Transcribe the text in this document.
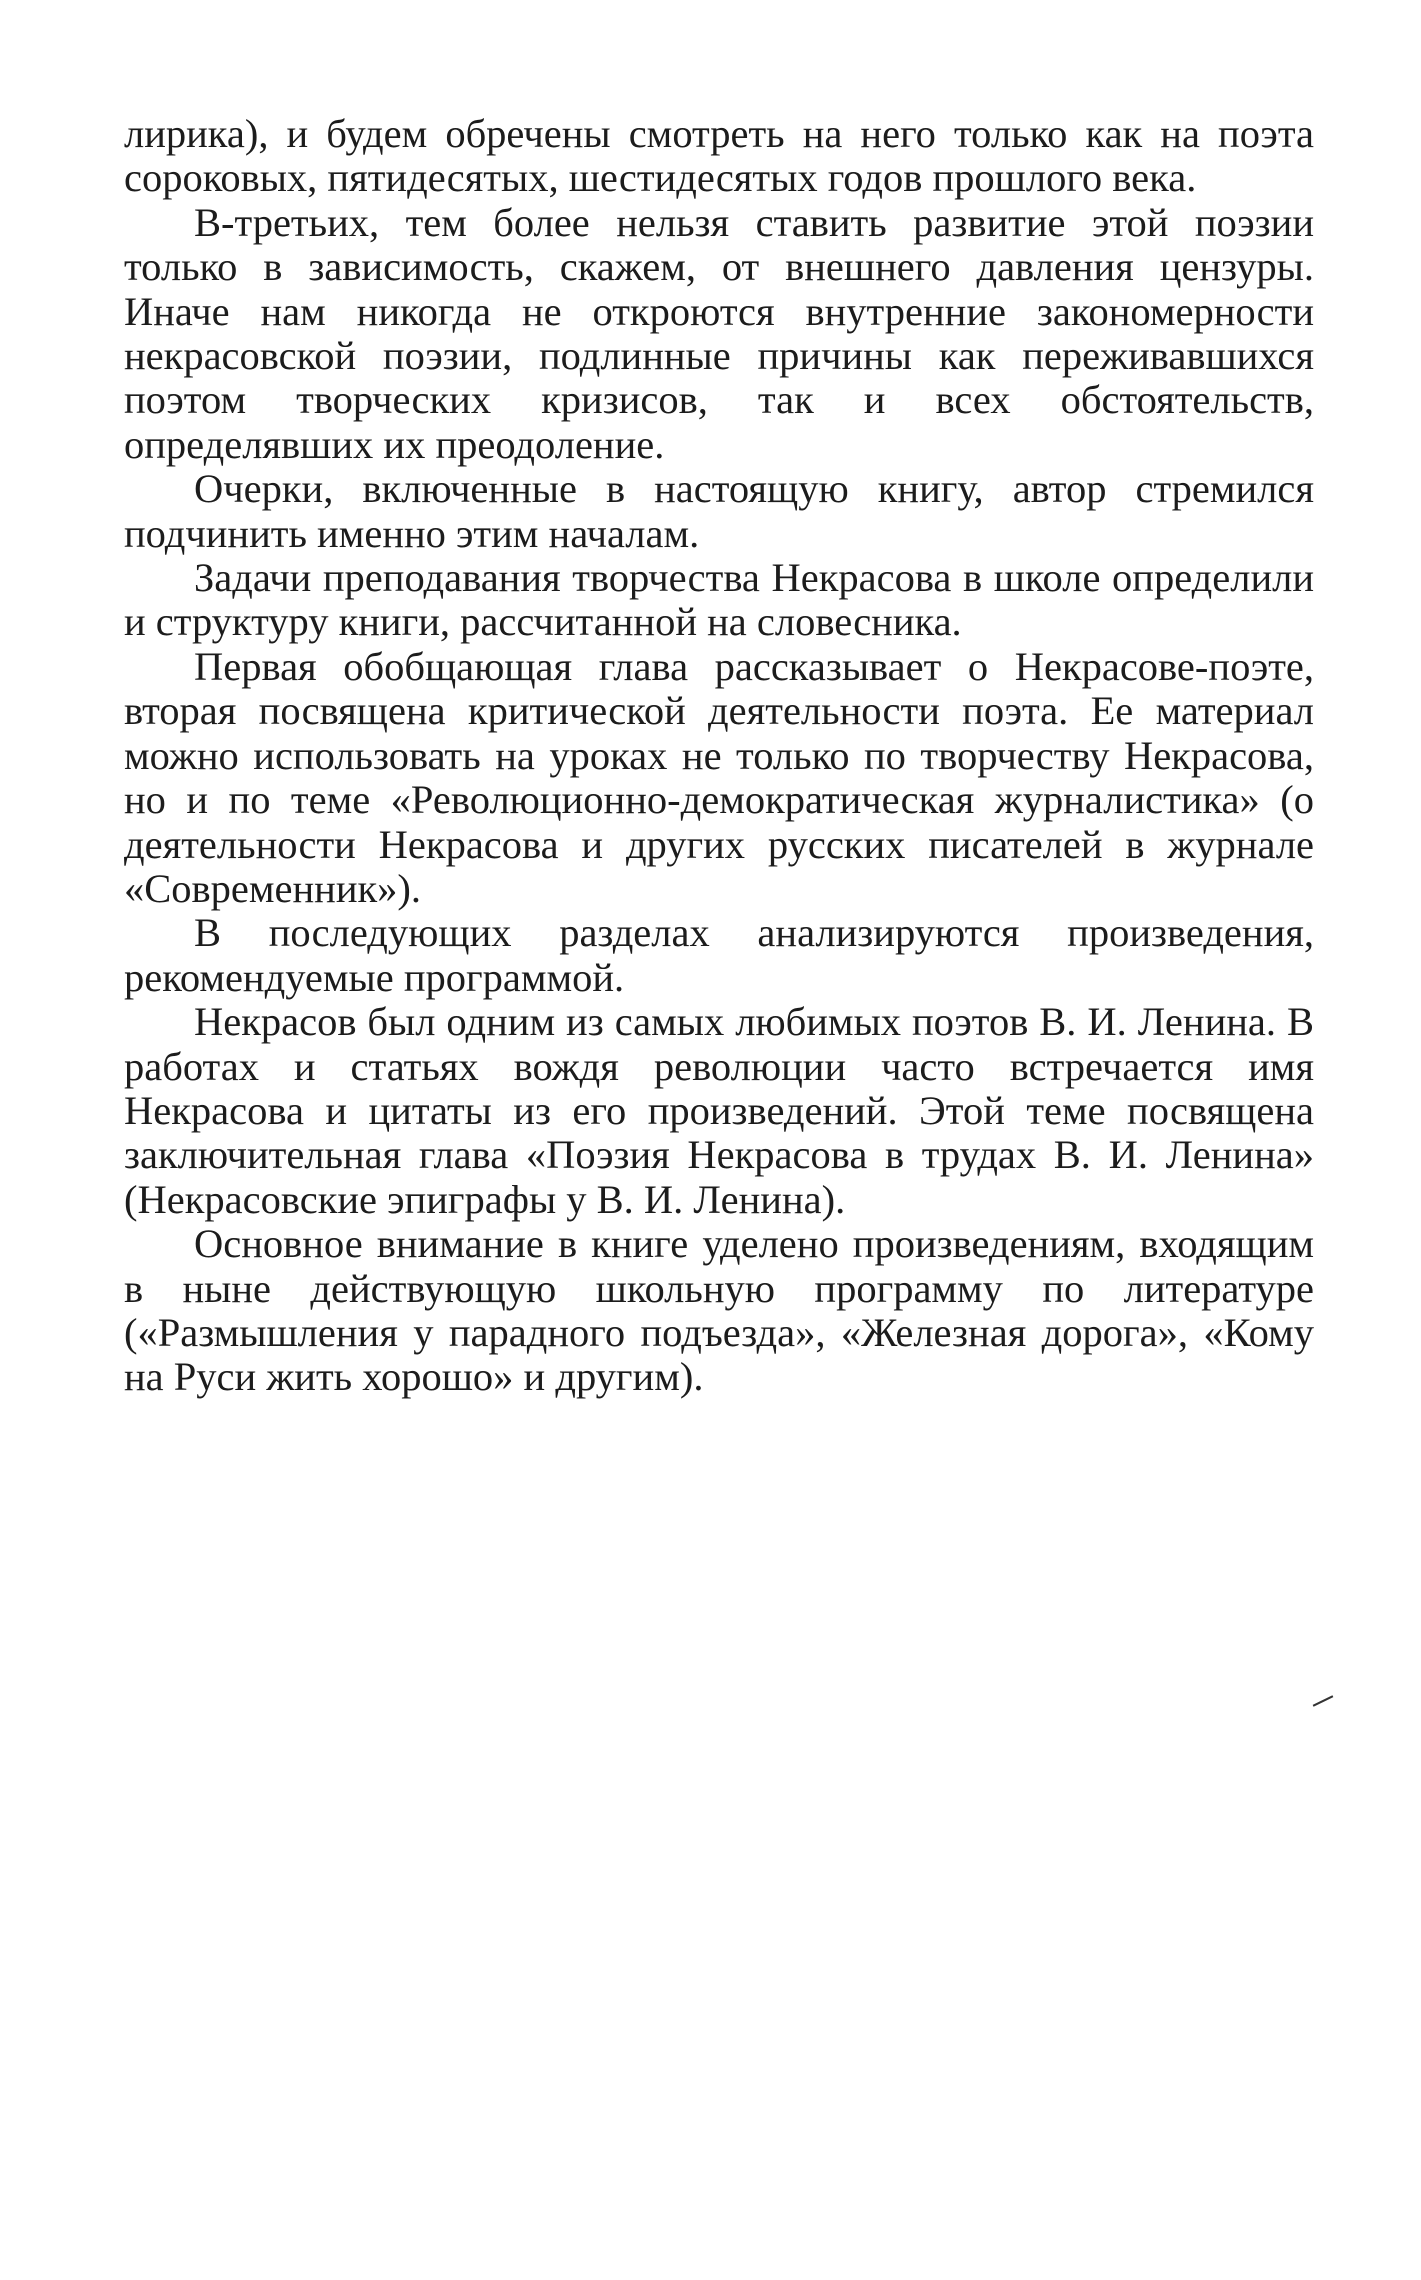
лирика), и будем обречены смотреть на него только как на поэта сороковых, пятидесятых, шестидесятых годов прошлого века.

В-третьих, тем более нельзя ставить развитие этой поэзии только в зависимость, скажем, от внешнего давления цензуры. Иначе нам никогда не откроются внутренние закономерности некрасовской поэзии, подлинные причины как переживавшихся поэтом творческих кризисов, так и всех обстоятельств, определявших их преодоление.

Очерки, включенные в настоящую книгу, автор стремился подчинить именно этим началам.

Задачи преподавания творчества Некрасова в школе определили и структуру книги, рассчитанной на словесника.

Первая обобщающая глава рассказывает о Некрасове-поэте, вторая посвящена критической деятельности поэта. Ее материал можно использовать на уроках не только по творчеству Некрасова, но и по теме «Революционно-демократическая журналистика» (о деятельности Некрасова и других русских писателей в журнале «Современник»).

В последующих разделах анализируются произведения, рекомендуемые программой.

Некрасов был одним из самых любимых поэтов В. И. Ленина. В работах и статьях вождя революции часто встречается имя Некрасова и цитаты из его произведений. Этой теме посвящена заключительная глава «Поэзия Некрасова в трудах В. И. Ленина» (Некрасовские эпиграфы у В. И. Ленина).

Основное внимание в книге уделено произведениям, входящим в ныне действующую школьную программу по литературе («Размышления у парадного подъезда», «Железная дорога», «Кому на Руси жить хорошо» и другим).
